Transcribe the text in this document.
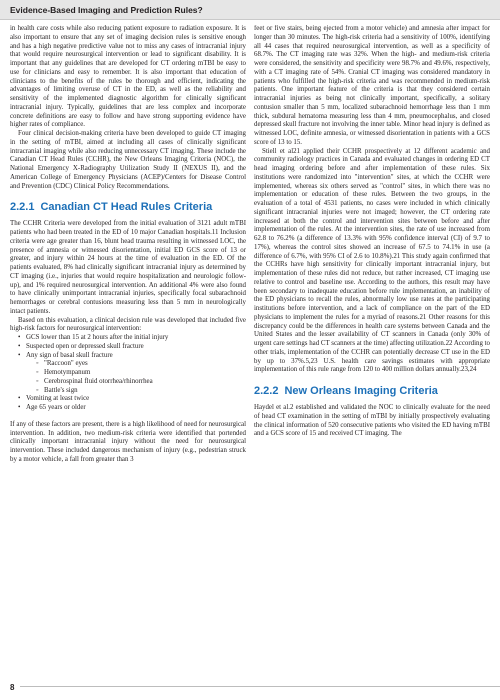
Evidence-Based Imaging and Prediction Rules?

in health care costs while also reducing patient exposure to radiation exposure. It is also important to ensure that any set of imaging decision rules is sensitive enough and has a high negative predictive value not to miss any cases of intracranial injury that would require neurosurgical intervention or lead to significant disability. It is important that any guidelines that are developed for CT ordering mTBI be easy to use for clinicians and easy to remember. It is also important that education of clinicians to the benefits of the rules be thorough and efficient, indicating the advantages of limiting overuse of CT in the ED, as well as the reliability and sensitivity of the implemented diagnostic algorithm for clinically significant intracranial injury. Typically, guidelines that are less complex and incorporate concrete definitions are easy to follow and have strong supporting evidence have higher rates of compliance.

Four clinical decision-making criteria have been developed to guide CT imaging in the setting of mTBI, aimed at including all cases of clinically significant intracranial imaging while also reducing unnecessary CT imaging. These include the Canadian CT Head Rules (CCHR), the New Orleans Imaging Criteria (NOC), the National Emergency X-Radiography Utilization Study II (NEXUS II), and the American College of Emergency Physicians (ACEP)/Centers for Disease Control and Prevention (CDC) Clinical Policy Recommendations.

2.2.1 Canadian CT Head Rules Criteria

The CCHR Criteria were developed from the initial evaluation of 3121 adult mTBI patients who had been treated in the ED of 10 major Canadian hospitals.11 Inclusion criteria were age greater than 16, blunt head trauma resulting in witnessed LOC, the presence of amnesia or witnessed disorientation, initial ED GCS score of 13 or greater, and injury within 24 hours at the time of evaluation in the ED. Of the patients evaluated, 8% had clinically significant intracranial injury as determined by CT imaging (i.e., injuries that would require hospitalization and neurologic follow-up), and 1% required neurosurgical intervention. An additional 4% were also found to have clinically unimportant intracranial injuries, specifically focal subarachnoid hemorrhages or cerebral contusions measuring less than 5 mm in neurologically intact patients.

Based on this evaluation, a clinical decision rule was developed that included five high-risk factors for neurosurgical intervention:

• GCS lower than 15 at 2 hours after the initial injury
• Suspected open or depressed skull fracture
• Any sign of basal skull fracture
◦ "Raccoon" eyes
◦ Hemotympanum
◦ Cerebrospinal fluid otorrhea/rhinorrhea
◦ Battle's sign
• Vomiting at least twice
• Age 65 years or older

If any of these factors are present, there is a high likelihood of need for neurosurgical intervention. In addition, two medium-risk criteria were identified that portended clinically important intracranial injury without the need for neurosurgical intervention. These included dangerous mechanism of injury (e.g., pedestrian struck by a motor vehicle, a fall from greater than 3

feet or five stairs, being ejected from a motor vehicle) and amnesia after impact for longer than 30 minutes. The high-risk criteria had a sensitivity of 100%, identifying all 44 cases that required neurosurgical intervention, as well as a specificity of 68.7%. The CT imaging rate was 32%. When the high- and medium-risk criteria were considered, the sensitivity and specificity were 98.7% and 49.6%, respectively, with a CT imaging rate of 54%. Cranial CT imaging was considered mandatory in patients who fulfilled the high-risk criteria and was recommended in medium-risk patients. One important feature of the criteria is that they considered certain intracranial injuries as being not clinically important, specifically, a solitary contusion smaller than 5 mm, localized subarachnoid hemorrhage less than 1 mm thick, subdural hematoma measuring less than 4 mm, pneumocephalus, and closed depressed skull fracture not involving the inner table. Minor head injury is defined as witnessed LOC, definite amnesia, or witnessed disorientation in patients with a GCS score of 13 to 15.

Stiell et al21 applied their CCHR prospectively at 12 different academic and community radiology practices in Canada and evaluated changes in ordering ED CT head imaging ordering before and after implementation of these rules. Six institutions were randomized into "intervention" sites, at which the CCHR were implemented, whereas six others served as "control" sites, in which there was no implementation or education of these rules. Between the two groups, in the evaluation of a total of 4531 patients, no cases were included in which clinically significant intracranial injuries were not imaged; however, the CT ordering rate increased at both the control and intervention sites between before and after implementation of the rules. At the intervention sites, the rate of use increased from 62.8 to 76.2% (a difference of 13.3% with 95% confidence interval (CI) of 9.7 to 17%), whereas the control sites showed an increase of 67.5 to 74.1% in use (a difference of 6.7%, with 95% CI of 2.6 to 10.8%).21 This study again confirmed that the CCHRs have high sensitivity for clinically important intracranial injury, but implementation of these rules did not reduce, but rather increased, CT imaging use relative to control and baseline use. According to the authors, this result may have been secondary to inadequate education before rule implementation, an inability of the ED physicians to recall the rules, abnormally low use rates at the participating institutions before intervention, and a lack of compliance on the part of the ED physicians to implement the rules for a myriad of reasons.21 Other reasons for this discrepancy could be the differences in health care systems between Canada and the United States and the lesser availability of CT scanners in Canada (only 30% of urgent care settings had CT scanners at the time) affecting utilization.22 According to other trials, implementation of the CCHR can potentially decrease CT use in the ED by up to 37%.5,23 U.S. health care savings estimates with appropriate implementation of this rule range from 120 to 400 million dollars annually.23,24

2.2.2 New Orleans Imaging Criteria

Haydel et al.2 established and validated the NOC to clinically evaluate for the need of head CT examination in the setting of mTBI by initially prospectively evaluating the clinical information of 520 consecutive patients who visited the ED having mTBI and a GCS score of 15 and received CT imaging. The

8
